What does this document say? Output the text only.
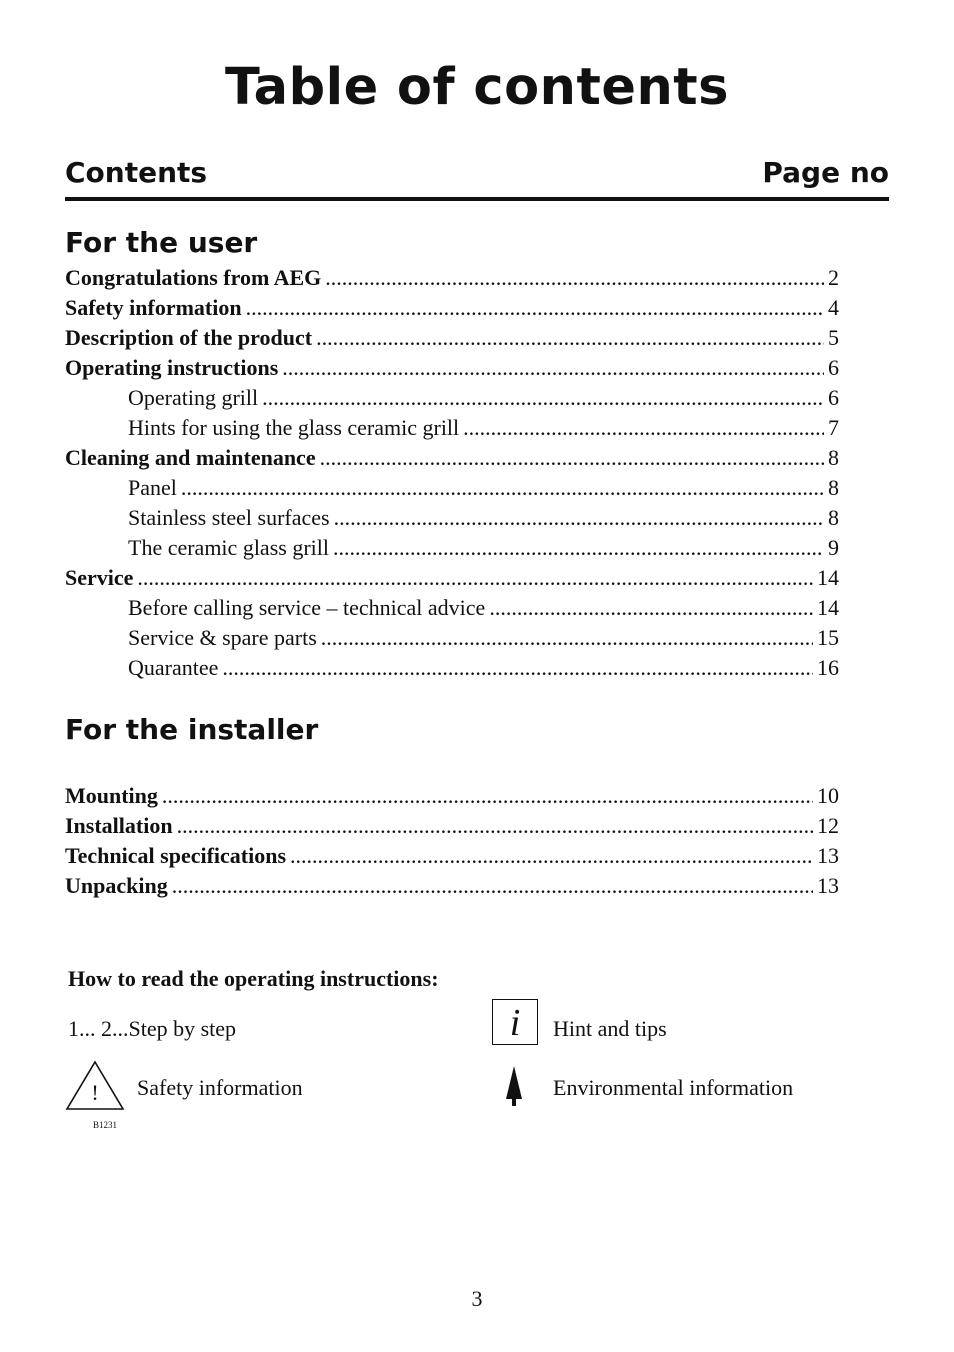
Table of contents
Contents	Page no
For the user
Congratulations from AEG .....	2
Safety information .....	4
Description of the product .....	5
Operating instructions .....	6
Operating grill .....	6
Hints for using the glass ceramic grill .....	7
Cleaning and maintenance .....	8
Panel .....	8
Stainless steel surfaces .....	8
The ceramic glass grill .....	9
Service .....	14
Before calling service – technical advice .....	14
Service & spare parts .....	15
Quarantee .....	16
For the installer
Mounting .....	10
Installation .....	12
Technical specifications .....	13
Unpacking .....	13
How to read the operating instructions:
1... 2...Step by step	i	Hint and tips
! Safety information	Environmental information
B1231
3
